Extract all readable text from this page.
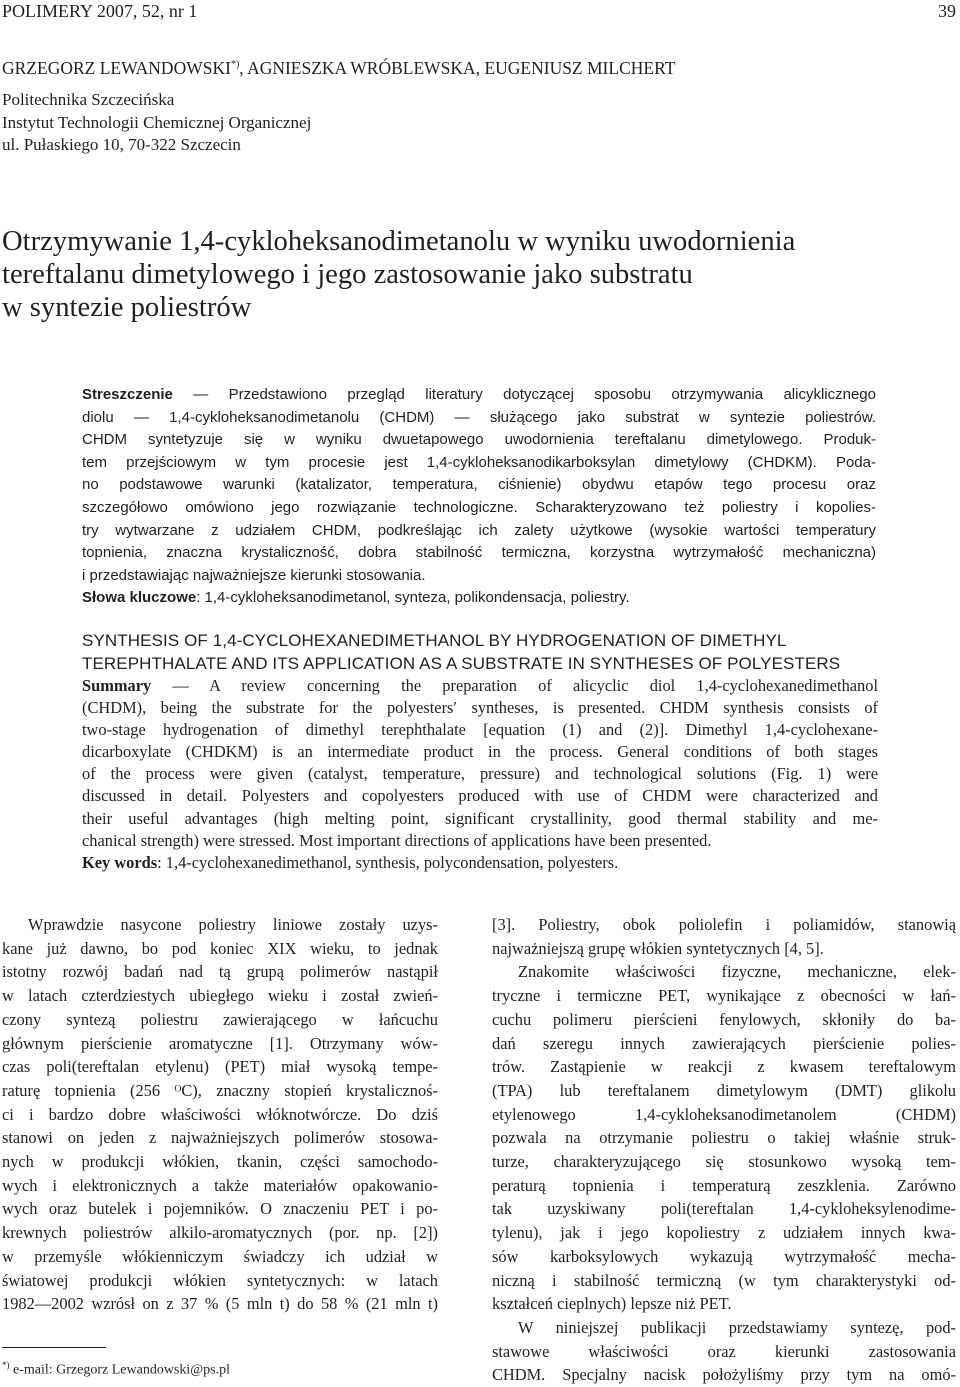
POLIMERY 2007, 52, nr 1	39
GRZEGORZ LEWANDOWSKI*), AGNIESZKA WRÓBLEWSKA, EUGENIUSZ MILCHERT
Politechnika Szczecińska
Instytut Technologii Chemicznej Organicznej
ul. Pułaskiego 10, 70-322 Szczecin
Otrzymywanie 1,4-cykloheksanodimetanolu w wyniku uwodornienia
tereftalanu dimetylowego i jego zastosowanie jako substratu
w syntezie poliestrów
Streszczenie — Przedstawiono przegląd literatury dotyczącej sposobu otrzymywania alicyklicznego
diolu — 1,4-cykloheksanodimetanolu (CHDM) — służącego jako substrat w syntezie poliestrów.
CHDM syntetyzuje się w wyniku dwuetapowego uwodornienia tereftalanu dimetylowego. Produk-
tem przejściowym w tym procesie jest 1,4-cykloheksanodikarboksylan dimetylowy (CHDKM). Poda-
no podstawowe warunki (katalizator, temperatura, ciśnienie) obydwu etapów tego procesu oraz
szczegółowo omówiono jego rozwiązanie technologiczne. Scharakteryzowano też poliestry i kopolies-
try wytwarzane z udziałem CHDM, podkreślając ich zalety użytkowe (wysokie wartości temperatury
topnienia, znaczna krystaliczność, dobra stabilność termiczna, korzystna wytrzymałość mechaniczna)
i przedstawiając najważniejsze kierunki stosowania.
Słowa kluczowe: 1,4-cykloheksanodimetanol, synteza, polikondensacja, poliestry.
SYNTHESIS OF 1,4-CYCLOHEXANEDIMETHANOL BY HYDROGENATION OF DIMETHYL
TEREPHTHALATE AND ITS APPLICATION AS A SUBSTRATE IN SYNTHESES OF POLYESTERS
Summary — A review concerning the preparation of alicyclic diol 1,4-cyclohexanedimethanol
(CHDM), being the substrate for the polyesters′ syntheses, is presented. CHDM synthesis consists of
two-stage hydrogenation of dimethyl terephthalate [equation (1) and (2)]. Dimethyl 1,4-cyclohexane-
dicarboxylate (CHDKM) is an intermediate product in the process. General conditions of both stages
of the process were given (catalyst, temperature, pressure) and technological solutions (Fig. 1) were
discussed in detail. Polyesters and copolyesters produced with use of CHDM were characterized and
their useful advantages (high melting point, significant crystallinity, good thermal stability and me-
chanical strength) were stressed. Most important directions of applications have been presented.
Key words: 1,4-cyclohexanedimethanol, synthesis, polycondensation, polyesters.
Wprawdzie nasycone poliestry liniowe zostały uzys-
kane już dawno, bo pod koniec XIX wieku, to jednak
istotny rozwój badań nad tą grupą polimerów nastąpił
w latach czterdziestych ubiegłego wieku i został zwień-
czony syntezą poliestru zawierającego w łańcuchu
głównym pierścienie aromatyczne [1]. Otrzymany wów-
czas poli(tereftalan etylenu) (PET) miał wysoką tempe-
raturę topnienia (256 ᴼC), znaczny stopień krystalicznoś-
ci i bardzo dobre właściwości włóknotwórcze. Do dziś
stanowi on jeden z najważniejszych polimerów stosowa-
nych w produkcji włókien, tkanin, części samochodo-
wych i elektronicznych a także materiałów opakowanio-
wych oraz butelek i pojemników. O znaczeniu PET i po-
krewnych poliestrów alkilo-aromatycznych (por. np. [2])
w przemyśle włókienniczym świadczy ich udział w
światowej produkcji włókien syntetycznych: w latach
1982—2002 wzrósł on z 37 % (5 mln t) do 58 % (21 mln t)
[3]. Poliestry, obok poliolefin i poliamidów, stanowią
najważniejszą grupę włókien syntetycznych [4, 5].
Znakomite właściwości fizyczne, mechaniczne, elek-
tryczne i termiczne PET, wynikające z obecności w łań-
cuchu polimeru pierścieni fenylowych, skłoniły do ba-
dań szeregu innych zawierających pierścienie polies-
trów. Zastąpienie w reakcji z kwasem tereftalowym
(TPA) lub tereftalanem dimetylowym (DMT) glikolu
etylenowego 1,4-cykloheksanodimetanolem (CHDM)
pozwala na otrzymanie poliestru o takiej właśnie struk-
turze, charakteryzującego się stosunkowo wysoką tem-
peraturą topnienia i temperaturą zeszklenia. Zarówno
tak uzyskiwany poli(tereftalan 1,4-cykloheksylenodime-
tylenu), jak i jego kopoliestry z udziałem innych kwa-
sów karboksylowych wykazują wytrzymałość mecha-
niczną i stabilność termiczną (w tym charakterystyki od-
kształceń cieplnych) lepsze niż PET.
W niniejszej publikacji przedstawiamy syntezę, pod-
stawowe właściwości oraz kierunki zastosowania
CHDM. Specjalny nacisk położyliśmy przy tym na omó-
*) e-mail: Grzegorz Lewandowski@ps.pl
